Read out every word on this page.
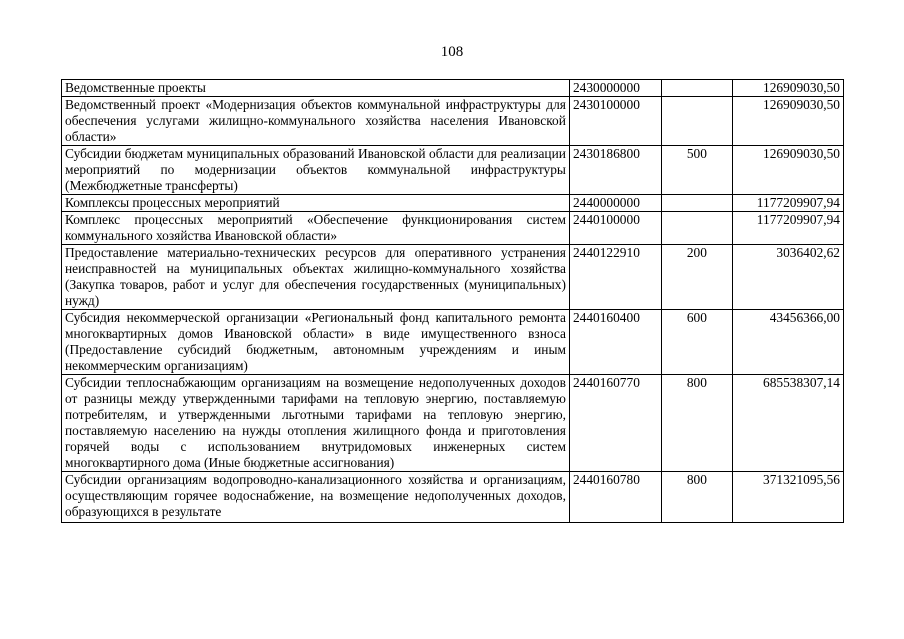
108
Ведомственные проекты	2430000000		126909030,50
Ведомственный проект «Модернизация объектов коммунальной инфраструктуры для обеспечения услугами жилищно-коммунального хозяйства населения Ивановской области»	2430100000		126909030,50
Субсидии бюджетам муниципальных образований Ивановской области для реализации мероприятий по модернизации объектов коммунальной инфраструктуры (Межбюджетные трансферты)	2430186800	500	126909030,50
Комплексы процессных мероприятий	2440000000		1177209907,94
Комплекс процессных мероприятий «Обеспечение функционирования систем коммунального хозяйства Ивановской области»	2440100000		1177209907,94
Предоставление материально-технических ресурсов для оперативного устранения неисправностей на муниципальных объектах жилищно-коммунального хозяйства (Закупка товаров, работ и услуг для обеспечения государственных (муниципальных) нужд)	2440122910	200	3036402,62
Субсидия некоммерческой организации «Региональный фонд капитального ремонта многоквартирных домов Ивановской области» в виде имущественного взноса (Предоставление субсидий бюджетным, автономным учреждениям и иным некоммерческим организациям)	2440160400	600	43456366,00
Субсидии теплоснабжающим организациям на возмещение недополученных доходов от разницы между утвержденными тарифами на тепловую энергию, поставляемую потребителям, и утвержденными льготными тарифами на тепловую энергию, поставляемую населению на нужды отопления жилищного фонда и приготовления горячей воды с использованием внутридомовых инженерных систем многоквартирного дома (Иные бюджетные ассигнования)	2440160770	800	685538307,14

Субсидии организациям водопроводно-канализационного хозяйства и организациям, осуществляющим горячее водоснабжение, на возмещение недополученных доходов, образующихся в результате	2440160780	800	371321095,56
